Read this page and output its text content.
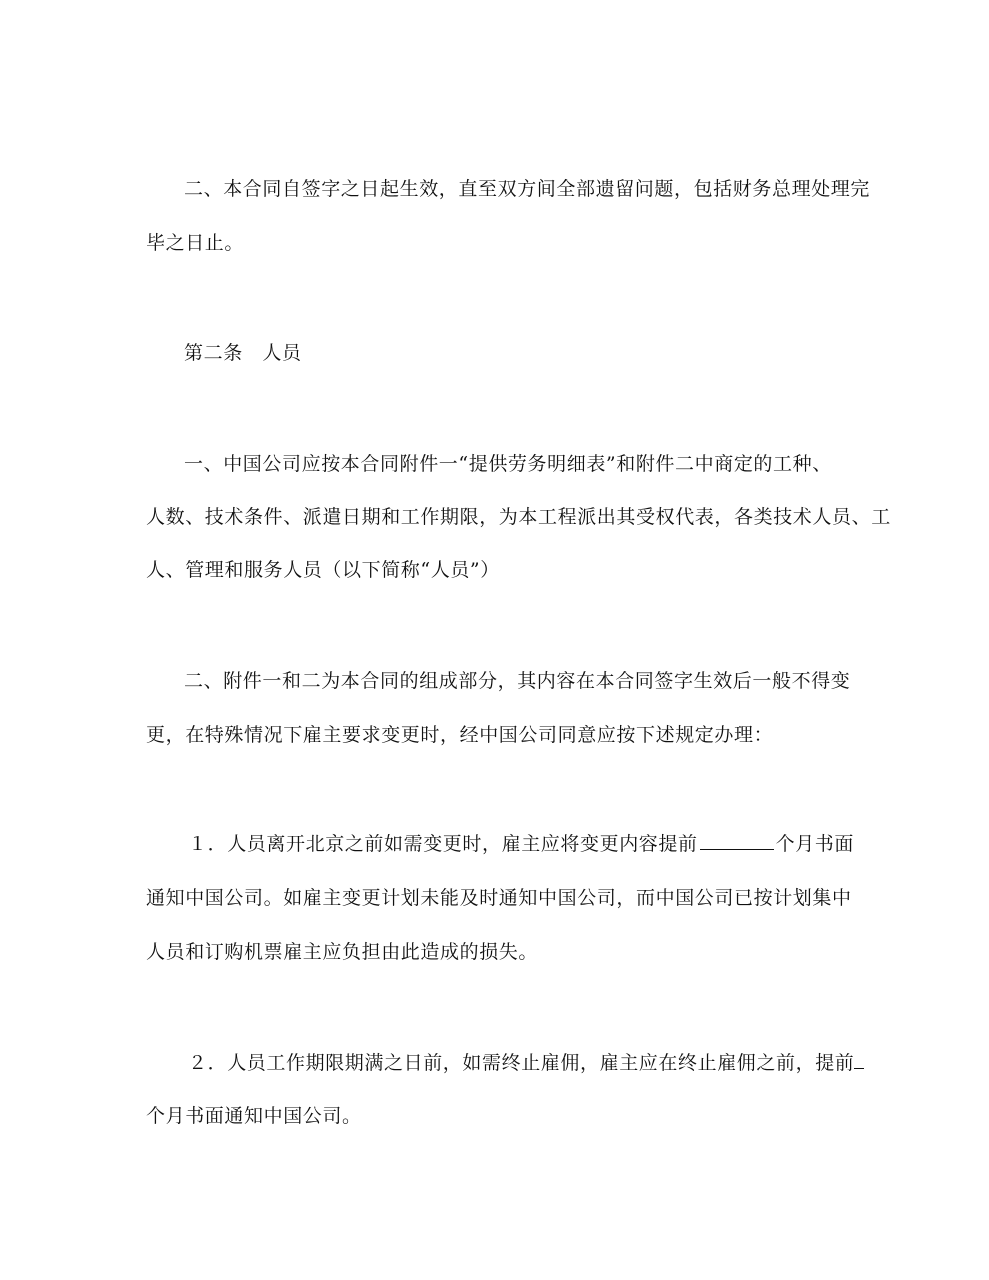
二、本合同自签字之日起生效，直至双方间全部遗留问题，包括财务总理处理完
毕之日止。
第二条　人员
一、中国公司应按本合同附件一“提供劳务明细表”和附件二中商定的工种、
人数、技术条件、派遣日期和工作期限，为本工程派出其受权代表，各类技术人员、工
人、管理和服务人员（以下简称“人员”）
二、附件一和二为本合同的组成部分，其内容在本合同签字生效后一般不得变
更，在特殊情况下雇主要求变更时，经中国公司同意应按下述规定办理：
１．人员离开北京之前如需变更时，雇主应将变更内容提前	个月书面
通知中国公司。如雇主变更计划未能及时通知中国公司，而中国公司已按计划集中
人员和订购机票雇主应负担由此造成的损失。
２．人员工作期限期满之日前，如需终止雇佣，雇主应在终止雇佣之前，提前
个月书面通知中国公司。
